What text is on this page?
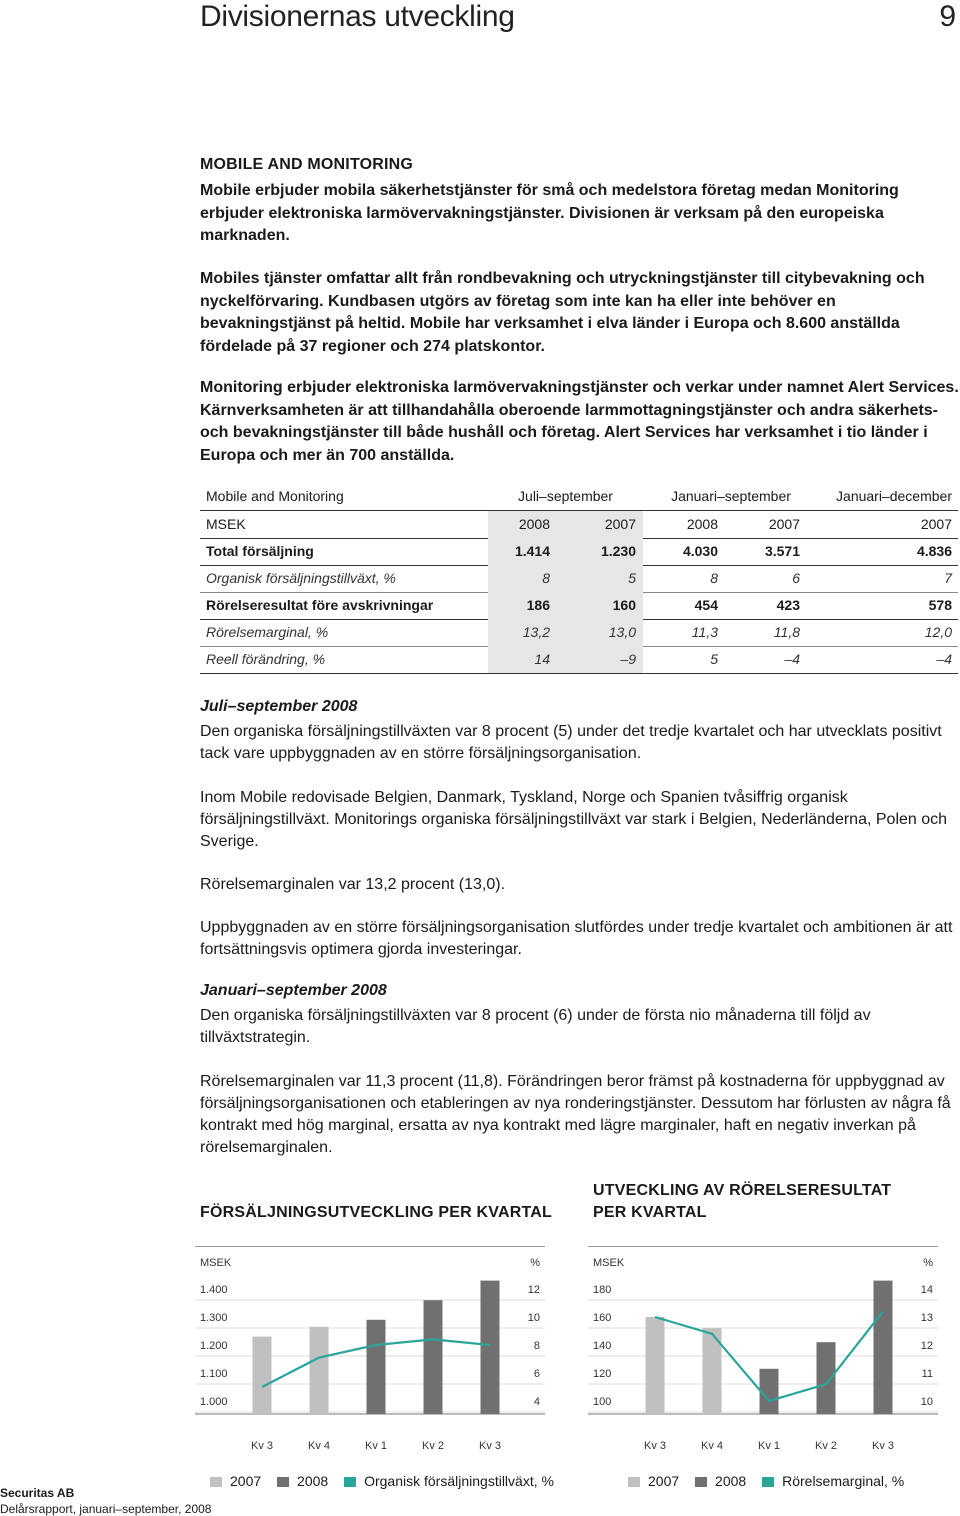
Divisionernas utveckling	9
MOBILE AND MONITORING

Mobile erbjuder mobila säkerhetstjänster för små och medelstora företag medan Monitoring erbjuder elektroniska larmövervakningstjänster. Divisionen är verksam på den europeiska marknaden.

Mobiles tjänster omfattar allt från rondbevakning och utryckningstjänster till citybevakning och nyckelförvaring. Kundbasen utgörs av företag som inte kan ha eller inte behöver en bevakningstjänst på heltid. Mobile har verksamhet i elva länder i Europa och 8.600 anställda fördelade på 37 regioner och 274 platskontor.

Monitoring erbjuder elektroniska larmövervakningstjänster och verkar under namnet Alert Services. Kärnverksamheten är att tillhandahålla oberoende larmmottagningstjänster och andra säkerhets- och bevakningstjänster till både hushåll och företag. Alert Services har verksamhet i tio länder i Europa och mer än 700 anställda.

Mobile and Monitoring	Juli–september	Januari–september	Januari–december
MSEK	2008	2007	2008	2007	2007
Total försäljning	1.414	1.230	4.030	3.571	4.836
Organisk försäljningstillväxt, %	8	5	8	6	7
Rörelseresultat före avskrivningar	186	160	454	423	578
Rörelsemarginal, %	13,2	13,0	11,3	11,8	12,0
Reell förändring, %	14	–9	5	–4	–4
Juli–september 2008

Den organiska försäljningstillväxten var 8 procent (5) under det tredje kvartalet och har utvecklats positivt tack vare uppbyggnaden av en större försäljningsorganisation.

Inom Mobile redovisade Belgien, Danmark, Tyskland, Norge och Spanien tvåsiffrig organisk försäljningstillväxt. Monitorings organiska försäljningstillväxt var stark i Belgien, Nederländerna, Polen och Sverige.

Rörelsemarginalen var 13,2 procent (13,0).

Uppbyggnaden av en större försäljningsorganisation slutfördes under tredje kvartalet och ambitionen är att fortsättningsvis optimera gjorda investeringar.

Januari–september 2008

Den organiska försäljningstillväxten var 8 procent (6) under de första nio månaderna till följd av tillväxtstrategin.

Rörelsemarginalen var 11,3 procent (11,8). Förändringen beror främst på kostnaderna för uppbyggnad av försäljningsorganisationen och etableringen av nya ronderingstjänster. Dessutom har förlusten av några få kontrakt med hög marginal, ersatta av nya kontrakt med lägre marginaler, haft en negativ inverkan på rörelsemarginalen.

FÖRSÄLJNINGSUTVECKLING PER KVARTAL
UTVECKLING AV RÖRELSERESULTAT PER KVARTAL
MSEK	%
1.400	12
1.300	10
1.200	8
1.100	6
1.000	4
Kv 3	Kv 4	Kv 1	Kv 2	Kv 3
MSEK	%
180	14
160	13
140	12
120	11
100	10
Kv 3	Kv 4	Kv 1	Kv 2	Kv 3
2007	2008	Organisk försäljningstillväxt, %	2007	2008	Rörelsemarginal, %
Securitas AB
Delårsrapport, januari–september, 2008
